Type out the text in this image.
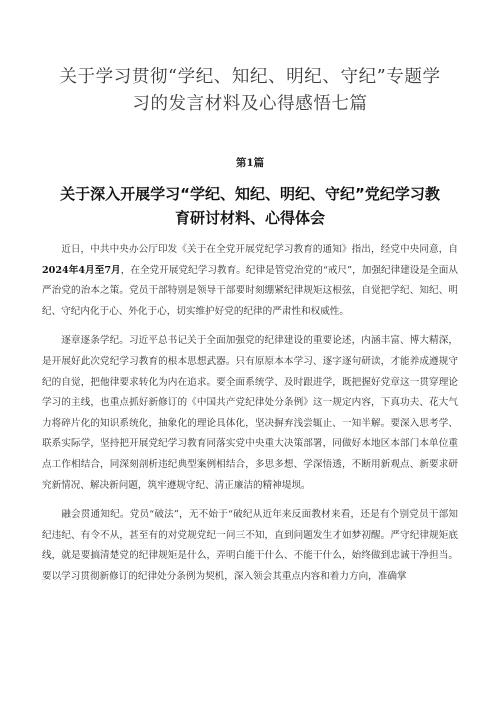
关于学习贯彻“学纪、知纪、明纪、守纪”专题学
习的发言材料及心得感悟七篇
第1篇
关于深入开展学习“学纪、知纪、明纪、守纪”党纪学习教
育研讨材料、心得体会

近日，中共中央办公厅印发《关于在全党开展党纪学习教育的通知》指出，经党中央同意，自2024年4月至7月，在全党开展党纪学习教育。纪律是管党治党的“戒尺”，加强纪律建设是全面从严治党的治本之策。党员干部特别是领导干部要时刻绷紧纪律规矩这根弦，自觉把学纪、知纪、明纪、守纪内化于心、外化于心，切实维护好党的纪律的严肃性和权威性。

逐章逐条学纪。习近平总书记关于全面加强党的纪律建设的重要论述，内涵丰富、博大精深，是开展好此次党纪学习教育的根本思想武器。只有原原本本学习、逐字逐句研读，才能养成遵规守纪的自觉，把他律要求转化为内在追求。要全面系统学、及时跟进学，既把握好党章这一贯穿理论学习的主线，也重点抓好新修订的《中国共产党纪律处分条例》这一规定内容，下真功夫、花大气力将碎片化的知识系统化，抽象化的理论具体化，坚决摒弃浅尝辄止、一知半解。要深入思考学、联系实际学，坚持把开展党纪学习教育同落实党中央重大决策部署，同做好本地区本部门本单位重点工作相结合，同深刻剖析违纪典型案例相结合，多思多想、学深悟透，不断用新观点、新要求研究新情况、解决新问题，筑牢遵规守纪、清正廉洁的精神堤坝。

融会贯通知纪。党员“破法”，无不始于“破纪从近年来反面教材来看，还是有个别党员干部知纪违纪、有令不从，甚至有的对党规党纪一问三不知，直到问题发生才如梦初醒。严守纪律规矩底线，就是要搞清楚党的纪律规矩是什么，弄明白能干什么、不能干什么，始终做到忠诚干净担当。要以学习贯彻新修订的纪律处分条例为契机，深入领会其重点内容和着力方向，准确掌
